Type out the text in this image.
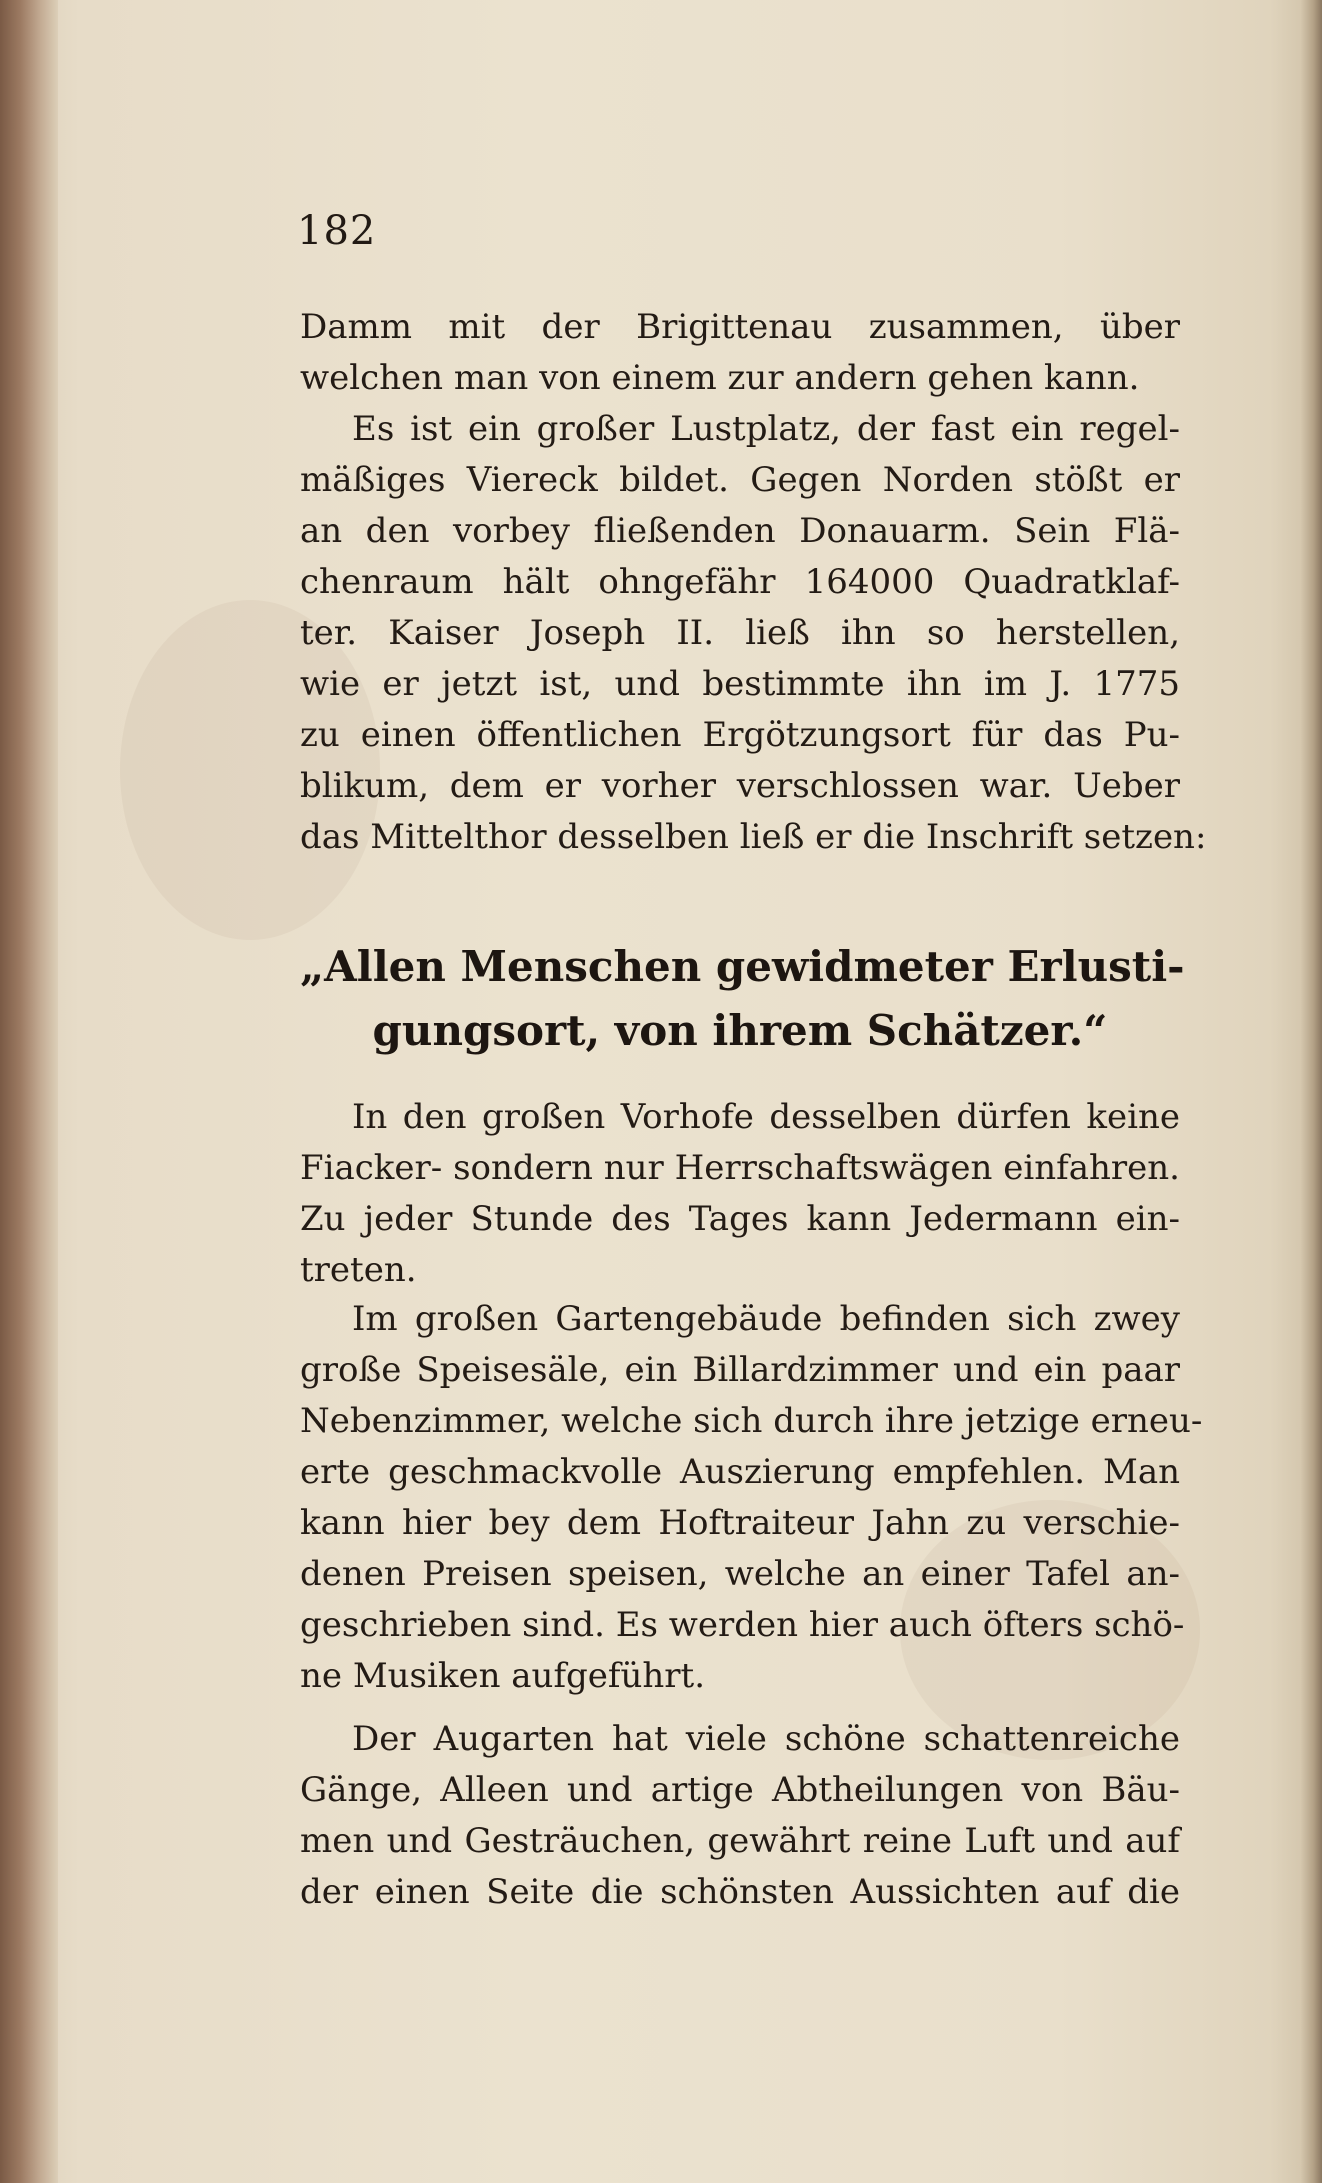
182
Damm mit der Brigittenau zusammen, über
welchen man von einem zur andern gehen kann.
Es ist ein großer Lustplatz, der fast ein regel-
mäßiges Viereck bildet. Gegen Norden stößt er
an den vorbey fließenden Donauarm. Sein Flä-
chenraum hält ohngefähr 164000 Quadratklaf-
ter. Kaiser Joseph II. ließ ihn so herstellen,
wie er jetzt ist, und bestimmte ihn im J. 1775
zu einen öffentlichen Ergötzungsort für das Pu-
blikum, dem er vorher verschlossen war. Ueber
das Mittelthor desselben ließ er die Inschrift setzen:
„Allen Menschen gewidmeter Erlusti-
gungsort, von ihrem Schätzer.“
In den großen Vorhofe desselben dürfen keine
Fiacker- sondern nur Herrschaftswägen einfahren.
Zu jeder Stunde des Tages kann Jedermann ein-
treten.
Im großen Gartengebäude befinden sich zwey
große Speisesäle, ein Billardzimmer und ein paar
Nebenzimmer, welche sich durch ihre jetzige erneu-
erte geschmackvolle Auszierung empfehlen. Man
kann hier bey dem Hoftraiteur Jahn zu verschie-
denen Preisen speisen, welche an einer Tafel an-
geschrieben sind. Es werden hier auch öfters schö-
ne Musiken aufgeführt.
Der Augarten hat viele schöne schattenreiche
Gänge, Alleen und artige Abtheilungen von Bäu-
men und Gesträuchen, gewährt reine Luft und auf
der einen Seite die schönsten Aussichten auf die
